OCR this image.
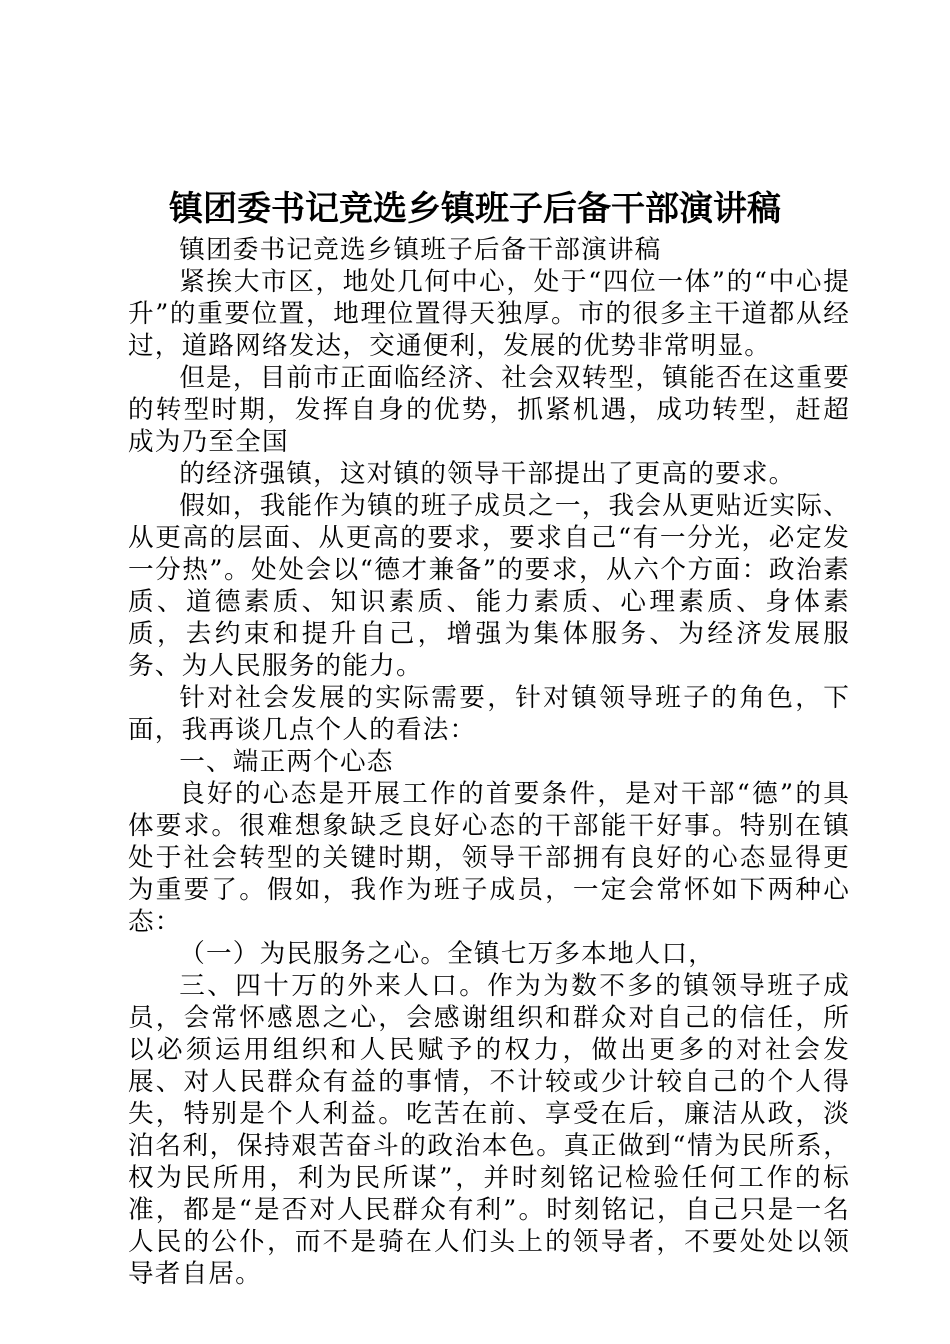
镇团委书记竞选乡镇班子后备干部演讲稿

镇团委书记竞选乡镇班子后备干部演讲稿

紧挨大市区，地处几何中心，处于“四位一体”的“中心提升”的重要位置，地理位置得天独厚。市的很多主干道都从经过，道路网络发达，交通便利，发展的优势非常明显。

但是，目前市正面临经济、社会双转型，镇能否在这重要的转型时期，发挥自身的优势，抓紧机遇，成功转型，赶超成为乃至全国

的经济强镇，这对镇的领导干部提出了更高的要求。

假如，我能作为镇的班子成员之一，我会从更贴近实际、从更高的层面、从更高的要求，要求自己“有一分光，必定发一分热”。处处会以“德才兼备”的要求，从六个方面：政治素质、道德素质、知识素质、能力素质、心理素质、身体素质，去约束和提升自己，增强为集体服务、为经济发展服务、为人民服务的能力。

针对社会发展的实际需要，针对镇领导班子的角色，下面，我再谈几点个人的看法：

一、端正两个心态

良好的心态是开展工作的首要条件，是对干部“德”的具体要求。很难想象缺乏良好心态的干部能干好事。特别在镇处于社会转型的关键时期，领导干部拥有良好的心态显得更为重要了。假如，我作为班子成员，一定会常怀如下两种心态：

（一）为民服务之心。全镇七万多本地人口，

三、四十万的外来人口。作为为数不多的镇领导班子成员，会常怀感恩之心，会感谢组织和群众对自己的信任，所以必须运用组织和人民赋予的权力，做出更多的对社会发展、对人民群众有益的事情，不计较或少计较自己的个人得失，特别是个人利益。吃苦在前、享受在后，廉洁从政，淡泊名利，保持艰苦奋斗的政治本色。真正做到“情为民所系，权为民所用，利为民所谋”，并时刻铭记检验任何工作的标准，都是“是否对人民群众有利”。时刻铭记，自己只是一名人民的公仆，而不是骑在人们头上的领导者，不要处处以领导者自居。
